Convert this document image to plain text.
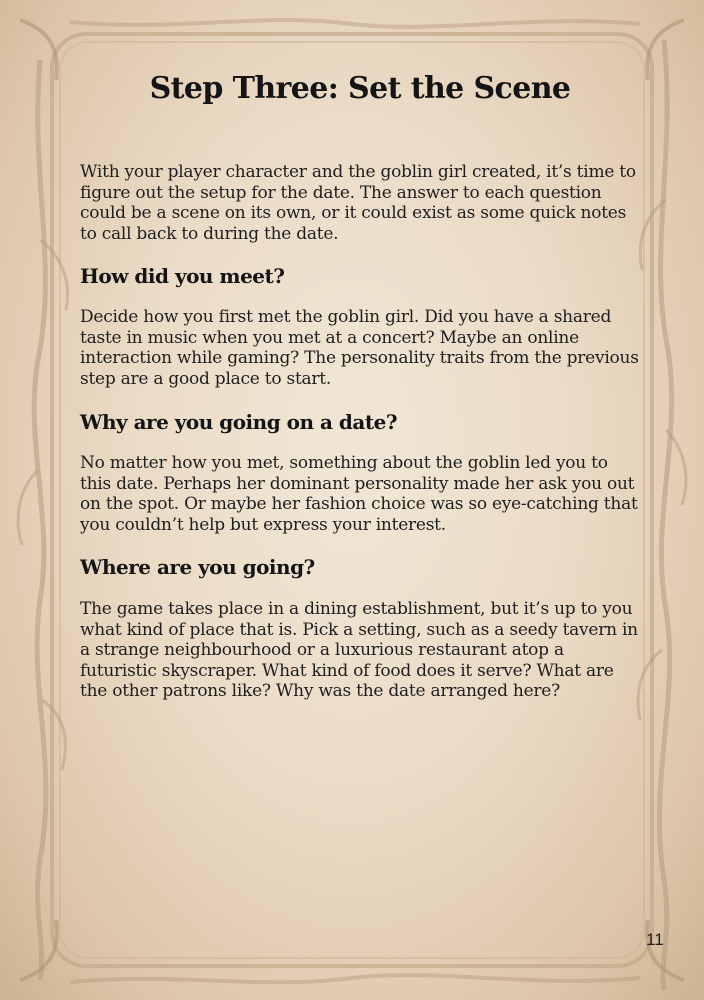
Step Three: Set the Scene

With your player character and the goblin girl created, it’s time to figure out the setup for the date. The answer to each question could be a scene on its own, or it could exist as some quick notes to call back to during the date.

How did you meet?

Decide how you first met the goblin girl. Did you have a shared taste in music when you met at a concert? Maybe an online interaction while gaming? The personality traits from the previous step are a good place to start.

Why are you going on a date?

No matter how you met, something about the goblin led you to this date. Perhaps her dominant personality made her ask you out on the spot. Or maybe her fashion choice was so eye-catching that you couldn’t help but express your interest.

Where are you going?

The game takes place in a dining establishment, but it’s up to you what kind of place that is. Pick a setting, such as a seedy tavern in a strange neighbourhood or a luxurious restaurant atop a futuristic skyscraper. What kind of food does it serve? What are the other patrons like? Why was the date arranged here?

11
